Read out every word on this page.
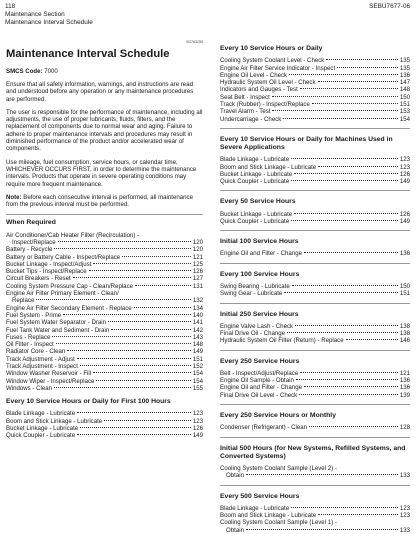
118
Maintenance Section
Maintenance Interval Schedule
SEBU7677-06
i02763255
Maintenance Interval Schedule
SMCS Code: 7000

Ensure that all safety information, warnings, and instructions are read and understood before any operation or any maintenance procedures are performed.

The user is responsible for the performance of maintenance, including all adjustments, the use of proper lubricants, fluids, filters, and the replacement of components due to normal wear and aging. Failure to adhere to proper maintenance intervals and procedures may result in diminished performance of the product and/or accelerated wear of components.

Use mileage, fuel consumption, service hours, or calendar time, WHICHEVER OCCURS FIRST, in order to determine the maintenance intervals. Products that operate in severe operating conditions may require more frequent maintenance.

Note: Before each consecutive interval is performed, all maintenance from the previous interval must be performed.

When Required
Air Conditioner/Cab Heater Filter (Recirculation) -
Inspect/Replace	120
Battery - Recycle	120
Battery or Battery Cable - Inspect/Replace	121
Bucket Linkage - Inspect/Adjust	125
Bucket Tips - Inspect/Replace	126
Circuit Breakers - Reset	127
Cooling System Pressure Cap - Clean/Replace	131
Engine Air Filter Primary Element - Clean/
Replace	132
Engine Air Filter Secondary Element - Replace	134
Fuel System - Prime	140
Fuel System Water Separator - Drain	141
Fuel Tank Water and Sediment - Drain	142
Fuses - Replace	143
Oil Filter - Inspect	148
Radiator Core - Clean	149
Track Adjustment - Adjust	151
Track Adjustment - Inspect	152
Window Washer Reservoir - Fill	154
Window Wiper - Inspect/Replace	154
Windows - Clean	155
Every 10 Service Hours or Daily for First 100 Hours
Blade Linkage - Lubricate	123
Boom and Stick Linkage - Lubricate	123
Bucket Linkage - Lubricate	126
Quick Coupler - Lubricate	149
Every 10 Service Hours or Daily
Cooling System Coolant Level - Check	135
Engine Air Filter Service Indicator - Inspect	135
Engine Oil Level - Check	136
Hydraulic System Oil Level - Check	147
Indicators and Gauges - Test	148
Seat Belt - Inspect	150
Track (Rubber) - Inspect/Replace	151
Travel Alarm - Test	153
Undercarriage - Check	154
Every 10 Service Hours or Daily for Machines Used in Severe Applications
Blade Linkage - Lubricate	123
Boom and Stick Linkage - Lubricate	123
Bucket Linkage - Lubricate	126
Quick Coupler - Lubricate	149
Every 50 Service Hours
Bucket Linkage - Lubricate	126
Quick Coupler - Lubricate	149
Initial 100 Service Hours
Engine Oil and Filter - Change	136
Every 100 Service Hours
Swing Bearing - Lubricate	150
Swing Gear - Lubricate	151
Initial 250 Service Hours
Engine Valve Lash - Check	138
Final Drive Oil - Change	138
Hydraulic System Oil Filter (Return) - Replace	146
Every 250 Service Hours
Belt - Inspect/Adjust/Replace	121
Engine Oil Sample - Obtain	136
Engine Oil and Filter - Change	136
Final Drive Oil Level - Check	139
Every 250 Service Hours or Monthly
Condenser (Refrigerant) - Clean	128
Initial 500 Hours (for New Systems, Refilled Systems, and Converted Systems)
Cooling System Coolant Sample (Level 2) -
Obtain	133
Every 500 Service Hours
Blade Linkage - Lubricate	123
Boom and Stick Linkage - Lubricate	123
Cooling System Coolant Sample (Level 1) -
Obtain	133
